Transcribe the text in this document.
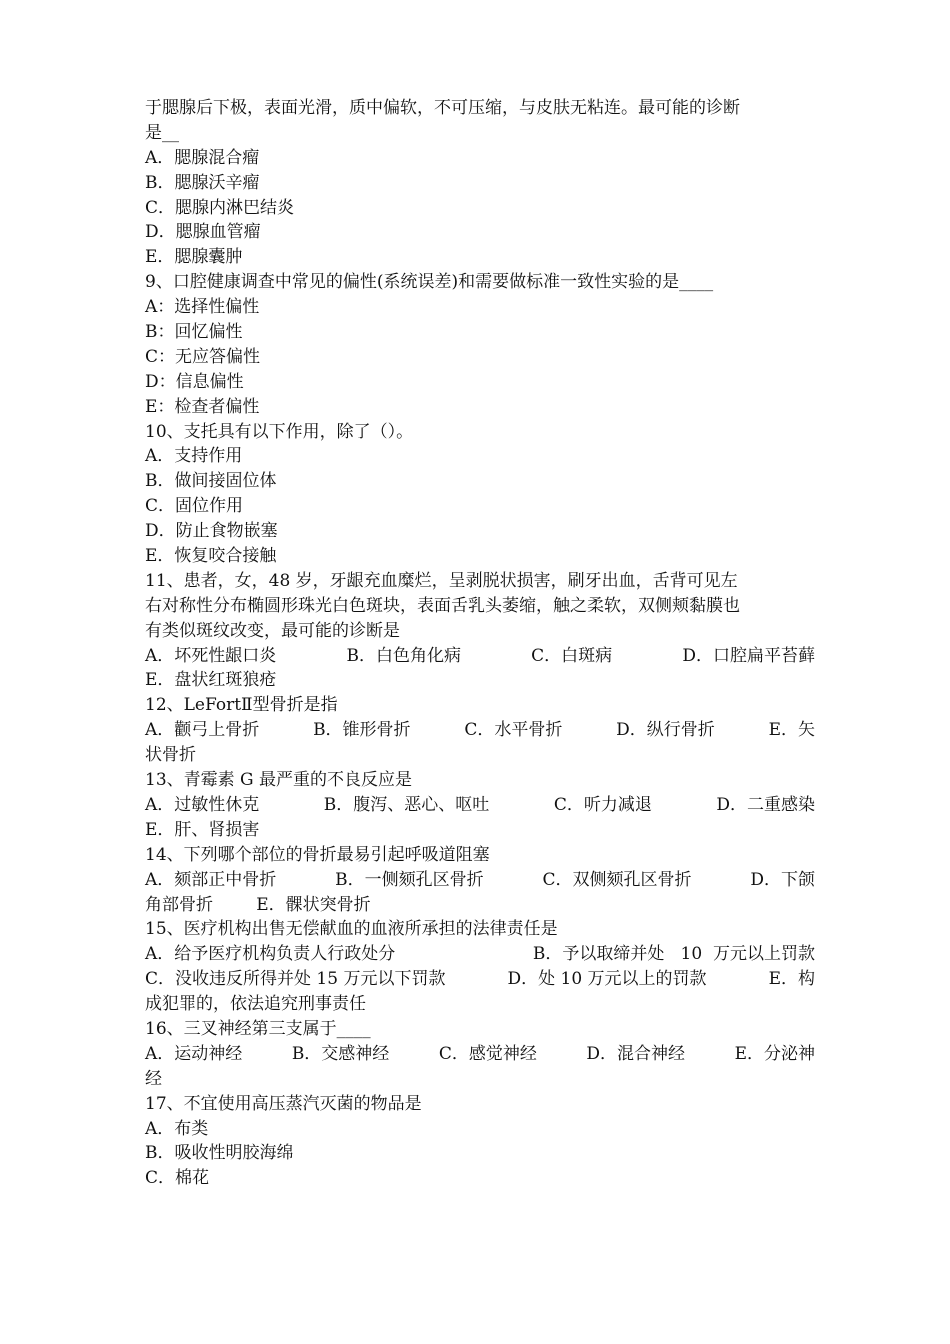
于腮腺后下极，表面光滑，质中偏软，不可压缩，与皮肤无粘连。最可能的诊断
是__
A．腮腺混合瘤
B．腮腺沃辛瘤
C．腮腺内淋巴结炎
D．腮腺血管瘤
E．腮腺囊肿
9、口腔健康调查中常见的偏性(系统误差)和需要做标准一致性实验的是____
A：选择性偏性
B：回忆偏性
C：无应答偏性
D：信息偏性
E：检查者偏性
10、支托具有以下作用，除了（）。
A．支持作用
B．做间接固位体
C．固位作用
D．防止食物嵌塞
E．恢复咬合接触
11、患者，女，48 岁，牙龈充血糜烂，呈剥脱状损害，刷牙出血，舌背可见左
右对称性分布椭圆形珠光白色斑块，表面舌乳头萎缩，触之柔软，双侧颊黏膜也
有类似斑纹改变，最可能的诊断是
A．坏死性龈口炎	B．白色角化病	C．白斑病	D．口腔扁平苔藓
E．盘状红斑狼疮
12、LeFortⅡ型骨折是指
A．颧弓上骨折	B．锥形骨折	C．水平骨折	D．纵行骨折	E．矢
状骨折
13、青霉素 G 最严重的不良反应是
A．过敏性休克	B．腹泻、恶心、呕吐	C．听力减退	D．二重感染
E．肝、肾损害
14、下列哪个部位的骨折最易引起呼吸道阻塞
A．颏部正中骨折	B．一侧颏孔区骨折	C．双侧颏孔区骨折	D．下颌
角部骨折        E．髁状突骨折
15、医疗机构出售无偿献血的血液所承担的法律责任是
A．给予医疗机构负责人行政处分	B．予以取缔并处   10  万元以上罚款
C．没收违反所得并处 15 万元以下罚款	D．处 10 万元以上的罚款	E．构
成犯罪的，依法追究刑事责任
16、三叉神经第三支属于____
A．运动神经	B．交感神经	C．感觉神经	D．混合神经	E．分泌神
经
17、不宜使用高压蒸汽灭菌的物品是
A．布类
B．吸收性明胶海绵
C．棉花
